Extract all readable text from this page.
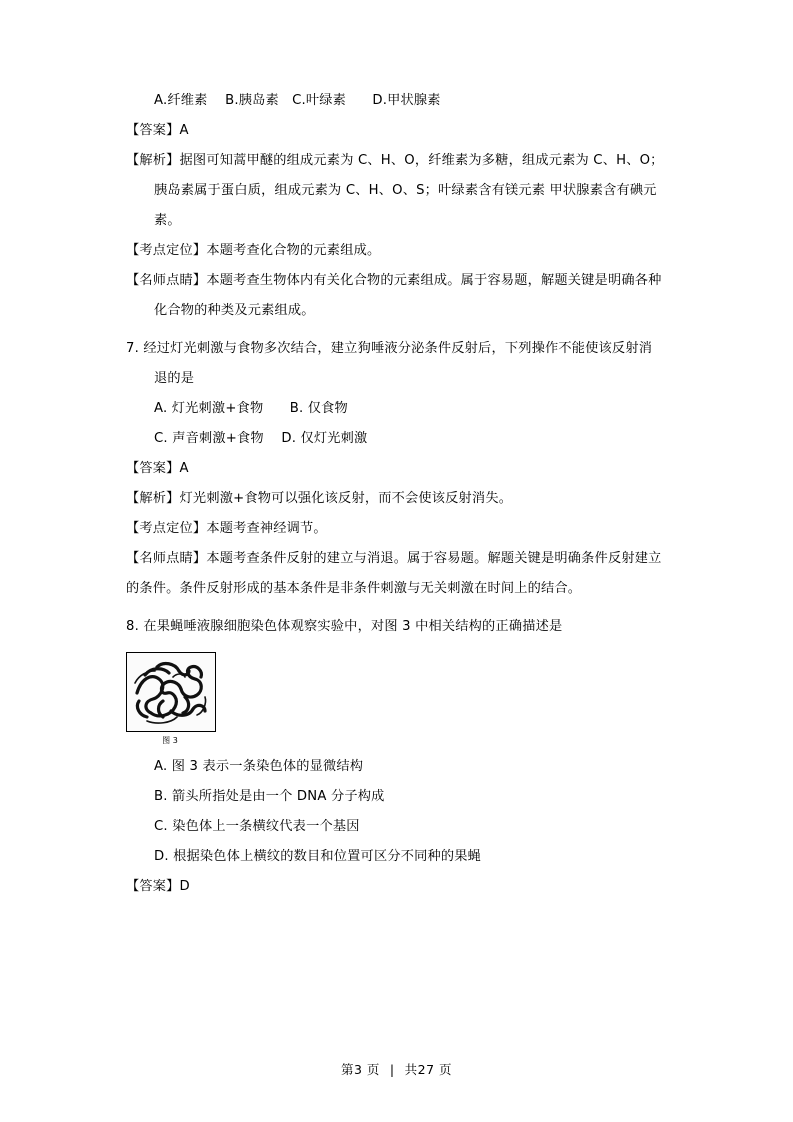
A.纤维素    B.胰岛素   C.叶绿素      D.甲状腺素
【答案】A
【解析】据图可知蒿甲醚的组成元素为 C、H、O，纤维素为多糖，组成元素为 C、H、O；
胰岛素属于蛋白质，组成元素为 C、H、O、S；叶绿素含有镁元素 甲状腺素含有碘元素。
【考点定位】本题考查化合物的元素组成。
【名师点睛】本题考查生物体内有关化合物的元素组成。属于容易题，解题关键是明确各种
化合物的种类及元素组成。
7. 经过灯光刺激与食物多次结合，建立狗唾液分泌条件反射后，下列操作不能使该反射消
退的是
A. 灯光刺激+食物      B. 仅食物
C. 声音刺激+食物    D. 仅灯光刺激
【答案】A
【解析】灯光刺激+食物可以强化该反射，而不会使该反射消失。
【考点定位】本题考查神经调节。
【名师点睛】本题考查条件反射的建立与消退。属于容易题。解题关键是明确条件反射建立
的条件。条件反射形成的基本条件是非条件刺激与无关刺激在时间上的结合。
8. 在果蝇唾液腺细胞染色体观察实验中，对图 3 中相关结构的正确描述是
图 3
A. 图 3 表示一条染色体的显微结构
B. 箭头所指处是由一个 DNA 分子构成
C. 染色体上一条横纹代表一个基因
D. 根据染色体上横纹的数目和位置可区分不同种的果蝇
【答案】D
第3 页 | 共27 页
